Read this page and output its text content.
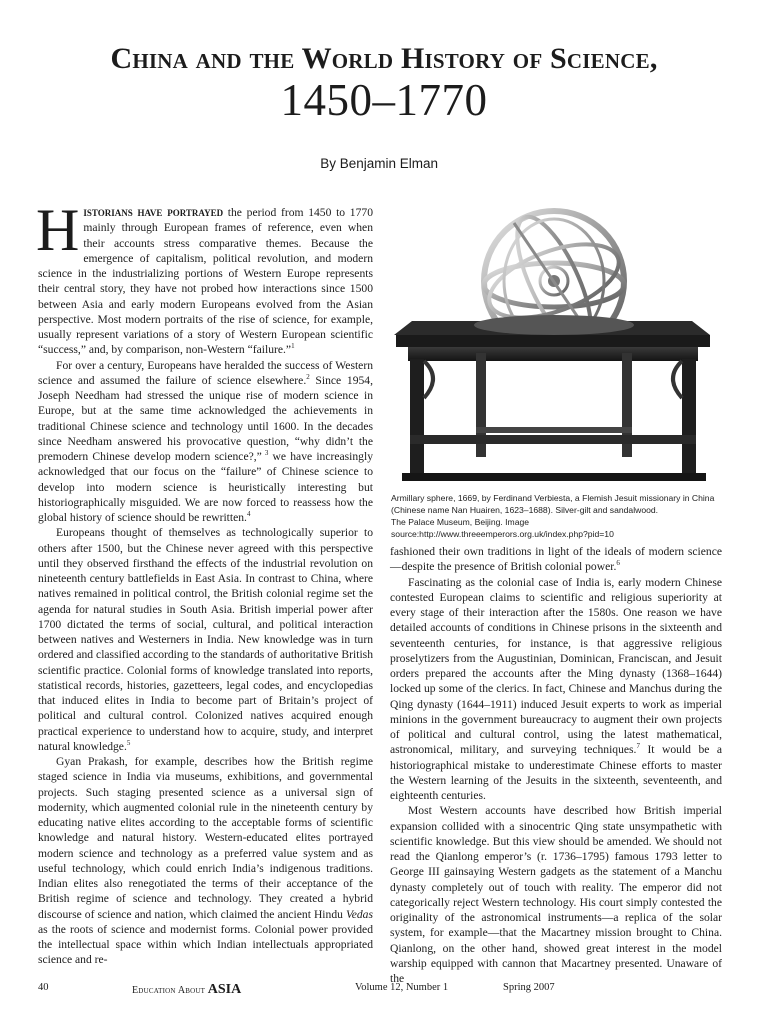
China and the World History of Science,
1450–1770
By Benjamin Elman

Historians have portrayed the period from 1450 to 1770 mainly through European frames of reference, even when their accounts stress comparative themes. Because the emergence of capitalism, political revolution, and modern science in the industrializing portions of Western Europe represents their central story, they have not probed how interactions since 1500 between Asia and early modern Europeans evolved from the Asian perspective. Most modern portraits of the rise of science, for example, usually represent variations of a story of Western European scientific “success,” and, by comparison, non-Western “failure.”$^1$

For over a century, Europeans have heralded the success of Western science and assumed the failure of science elsewhere.$^2$ Since 1954, Joseph Needham had stressed the unique rise of modern science in Europe, but at the same time acknowledged the achievements in traditional Chinese science and technology until 1600. In the decades since Needham answered his provocative question, “why didn’t the premodern Chinese develop modern science?,” $^3$ we have increasingly acknowledged that our focus on the “failure” of Chinese science to develop into modern science is heuristically interesting but historiographically misguided. We are now forced to reassess how the global history of science should be rewritten.$^4$

Europeans thought of themselves as technologically superior to others after 1500, but the Chinese never agreed with this perspective until they observed firsthand the effects of the industrial revolution on nineteenth century battlefields in East Asia. In contrast to China, where natives remained in political control, the British colonial regime set the agenda for natural studies in South Asia. British imperial power after 1700 dictated the terms of social, cultural, and political interaction between natives and Westerners in India. New knowledge was in turn ordered and classified according to the standards of authoritative British scientific practice. Colonial forms of knowledge translated into reports, statistical records, histories, gazetteers, legal codes, and encyclopedias that induced elites in India to become part of Britain’s project of political and cultural control. Colonized natives acquired enough practical experience to understand how to acquire, study, and interpret natural knowledge.$^5$

Gyan Prakash, for example, describes how the British regime staged science in India via museums, exhibitions, and governmental projects. Such staging presented science as a universal sign of modernity, which augmented colonial rule in the nineteenth century by educating native elites according to the acceptable forms of scientific knowledge and natural history. Western-educated elites portrayed modern science and technology as a preferred value system and as useful technology, which could enrich India’s indigenous traditions. Indian elites also renegotiated the terms of their acceptance of the British regime of science and technology. They created a hybrid discourse of science and nation, which claimed the ancient Hindu Vedas as the roots of science and modernist forms. Colonial power provided the intellectual space within which Indian intellectuals appropriated science and re-

Armillary sphere, 1669, by Ferdinand Verbiesta, a Flemish Jesuit missionary in China (Chinese name Nan Huairen, 1623–1688). Silver-gilt and sandalwood.
The Palace Museum, Beijing. Image source:http://www.threeemperors.org.uk/index.php?pid=10

fashioned their own traditions in light of the ideals of modern science—despite the presence of British colonial power.$^6$

Fascinating as the colonial case of India is, early modern Chinese contested European claims to scientific and religious superiority at every stage of their interaction after the 1580s. One reason we have detailed accounts of conditions in Chinese prisons in the sixteenth and seventeenth centuries, for instance, is that aggressive religious proselytizers from the Augustinian, Dominican, Franciscan, and Jesuit orders prepared the accounts after the Ming dynasty (1368–1644) locked up some of the clerics. In fact, Chinese and Manchus during the Qing dynasty (1644–1911) induced Jesuit experts to work as imperial minions in the government bureaucracy to augment their own projects of political and cultural control, using the latest mathematical, astronomical, military, and surveying techniques.$^7$ It would be a historiographical mistake to underestimate Chinese efforts to master the Western learning of the Jesuits in the sixteenth, seventeenth, and eighteenth centuries.

Most Western accounts have described how British imperial expansion collided with a sinocentric Qing state unsympathetic with scientific knowledge. But this view should be amended. We should not read the Qianlong emperor’s (r. 1736–1795) famous 1793 letter to George III gainsaying Western gadgets as the statement of a Manchu dynasty completely out of touch with reality. The emperor did not categorically reject Western technology. His court simply contested the originality of the astronomical instruments—a replica of the solar system, for example—that the Macartney mission brought to China. Qianlong, on the other hand, showed great interest in the model warship equipped with cannon that Macartney presented. Unaware of the

40	Education About ASIA	Volume 12, Number 1	Spring 2007
